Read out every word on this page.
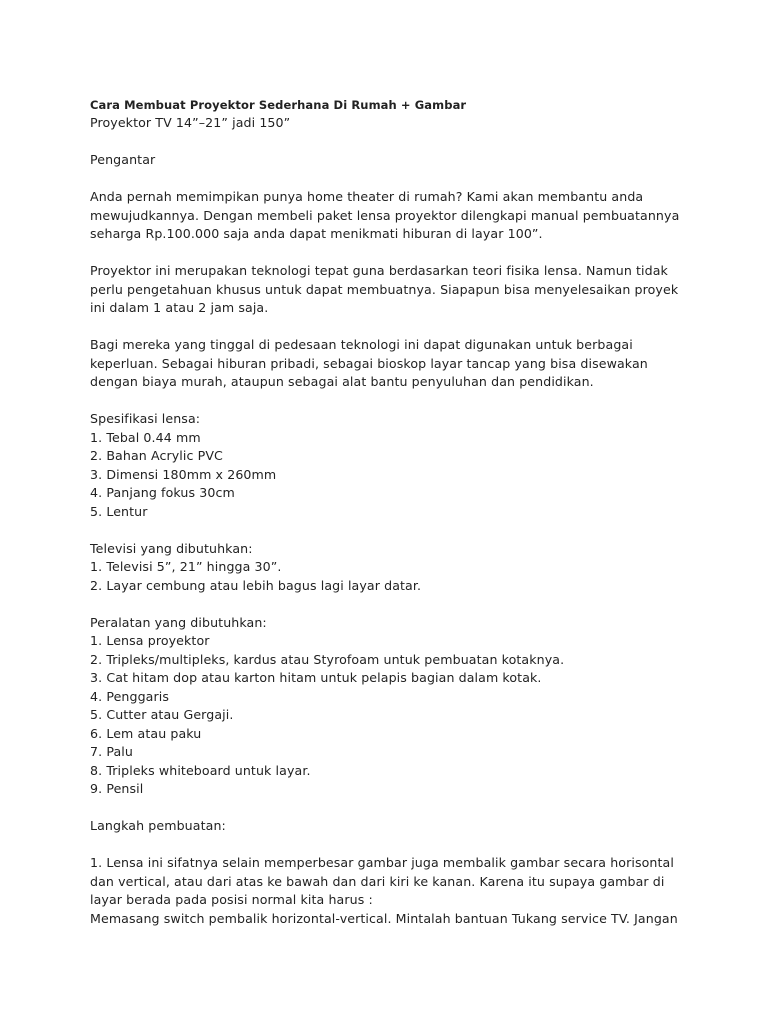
Cara Membuat Proyektor Sederhana Di Rumah + Gambar

Proyektor TV 14”–21” jadi 150”

Pengantar

Anda pernah memimpikan punya home theater di rumah? Kami akan membantu anda mewujudkannya. Dengan membeli paket lensa proyektor dilengkapi manual pembuatannya seharga Rp.100.000 saja anda dapat menikmati hiburan di layar 100”.

Proyektor ini merupakan teknologi tepat guna berdasarkan teori fisika lensa. Namun tidak perlu pengetahuan khusus untuk dapat membuatnya. Siapapun bisa menyelesaikan proyek ini dalam 1 atau 2 jam saja.

Bagi mereka yang tinggal di pedesaan teknologi ini dapat digunakan untuk berbagai keperluan. Sebagai hiburan pribadi, sebagai bioskop layar tancap yang bisa disewakan dengan biaya murah, ataupun sebagai alat bantu penyuluhan dan pendidikan.

Spesifikasi lensa:

1. Tebal 0.44 mm
2. Bahan Acrylic PVC
3. Dimensi 180mm x 260mm
4. Panjang fokus 30cm
5. Lentur

Televisi yang dibutuhkan:

1. Televisi 5”, 21” hingga 30”.
2. Layar cembung atau lebih bagus lagi layar datar.

Peralatan yang dibutuhkan:

1. Lensa proyektor
2. Tripleks/multipleks, kardus atau Styrofoam untuk pembuatan kotaknya.
3. Cat hitam dop atau karton hitam untuk pelapis bagian dalam kotak.
4. Penggaris
5. Cutter atau Gergaji.
6. Lem atau paku
7. Palu
8. Tripleks whiteboard untuk layar.
9. Pensil

Langkah pembuatan:

1. Lensa ini sifatnya selain memperbesar gambar juga membalik gambar secara horisontal dan vertical, atau dari atas ke bawah dan dari kiri ke kanan. Karena itu supaya gambar di layar berada pada posisi normal kita harus :

Memasang switch pembalik horizontal-vertical. Mintalah bantuan Tukang service TV. Jangan
